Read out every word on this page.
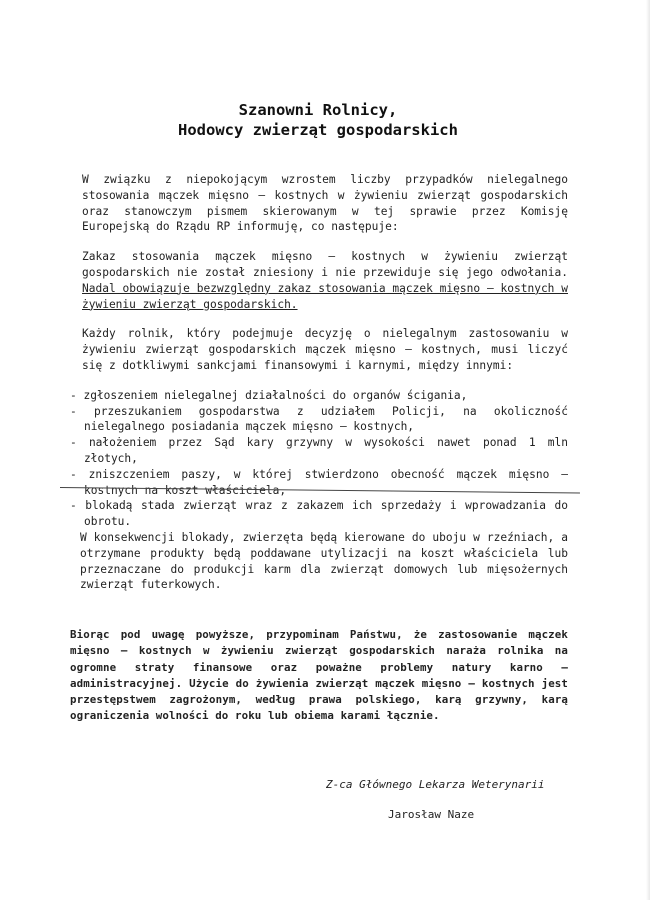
Szanowni Rolnicy,
Hodowcy zwierząt gospodarskich

W związku z niepokojącym wzrostem liczby przypadków nielegalnego stosowania mączek mięsno – kostnych w żywieniu zwierząt gospodarskich oraz stanowczym pismem skierowanym w tej sprawie przez Komisję Europejską do Rządu RP informuję, co następuje:

Zakaz stosowania mączek mięsno – kostnych w żywieniu zwierząt gospodarskich nie został zniesiony i nie przewiduje się jego odwołania. Nadal obowiązuje bezwzględny zakaz stosowania mączek mięsno – kostnych w żywieniu zwierząt gospodarskich.

Każdy rolnik, który podejmuje decyzję o nielegalnym zastosowaniu w żywieniu zwierząt gospodarskich mączek mięsno – kostnych, musi liczyć się z dotkliwymi sankcjami finansowymi i karnymi, między innymi:

- zgłoszeniem nielegalnej działalności do organów ścigania,
- przeszukaniem gospodarstwa z udziałem Policji, na okoliczność nielegalnego posiadania mączek mięsno – kostnych,
- nałożeniem przez Sąd kary grzywny w wysokości nawet ponad 1 mln złotych,
- zniszczeniem paszy, w której stwierdzono obecność mączek mięsno – kostnych na koszt właściciela,
- blokadą stada zwierząt wraz z zakazem ich sprzedaży i wprowadzania do obrotu.

W konsekwencji blokady, zwierzęta będą kierowane do uboju w rzeźniach, a otrzymane produkty będą poddawane utylizacji na koszt właściciela lub przeznaczane do produkcji karm dla zwierząt domowych lub mięsożernych zwierząt futerkowych.

Biorąc pod uwagę powyższe, przypominam Państwu, że zastosowanie mączek mięsno – kostnych w żywieniu zwierząt gospodarskich naraża rolnika na ogromne straty finansowe oraz poważne problemy natury karno – administracyjnej. Użycie do żywienia zwierząt mączek mięsno – kostnych jest przestępstwem zagrożonym, według prawa polskiego, karą grzywny, karą ograniczenia wolności do roku lub obiema karami łącznie.

Z-ca Głównego Lekarza Weterynarii
Jarosław Naze
